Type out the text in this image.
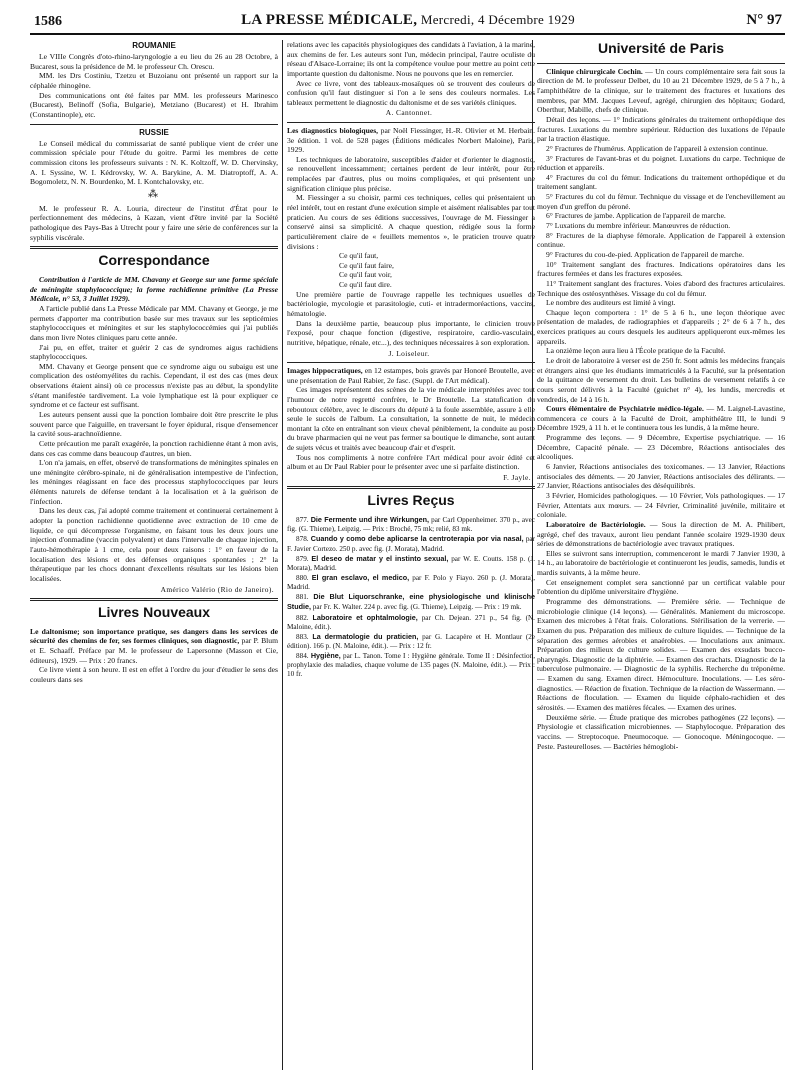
1586	LA PRESSE MÉDICALE, Mercredi, 4 Décembre 1929	N° 97
ROUMANIE

Le VIIIe Congrès d'oto-rhino-laryngologie a eu lieu du 26 au 28 Octobre, à Bucarest, sous la présidence de M. le professeur Ch. Orescu.

MM. les Drs Costiniu, Tzetzu et Buzoianu ont présenté un rapport sur la céphalée rhinogène.

Des communications ont été faites par MM. les professeurs Marinesco (Bucarest), Belinoff (Sofia, Bulgarie), Metziano (Bucarest) et H. Ibrahim (Constantinople), etc.

RUSSIE

Le Conseil médical du commissariat de santé publique vient de créer une commission spéciale pour l'étude du goitre. Parmi les membres de cette commission citons les professeurs suivants : N. K. Koltzoff, W. D. Chervinsky, A. I. Syssine, W. I. Kédrovsky, W. A. Barykine, A. M. Diatroptoff, A. A. Bogomoletz, N. N. Bourdenko, M. I. Kontchalovsky, etc.

⁂

M. le professeur R. A. Louria, directeur de l'institut d'État pour le perfectionnement des médecins, à Kazan, vient d'être invité par la Société pathologique des Pays-Bas à Utrecht pour y faire une série de conférences sur la syphilis viscérale.

Correspondance

Contribution à l'article de MM. Chavany et George sur une forme spéciale de méningite staphylococcique; la forme rachidienne primitive (La Presse Médicale, n° 53, 3 Juillet 1929).

A l'article publié dans La Presse Médicale par MM. Chavany et George, je me permets d'apporter ma contribution basée sur mes travaux sur les septicémies staphylococciques et méningites et sur les staphylococcémies qui j'ai publiés dans mon livre Notes cliniques paru cette année.

J'ai pu, en effet, traiter et guérir 2 cas de syndromes aigus rachidiens staphylococciques.

MM. Chavany et George pensent que ce syndrome aigu ou subaigu est une complication des ostéomyélites du rachis. Cependant, il est des cas (mes deux observations étaient ainsi) où ce processus n'existe pas au début, la spondylite s'étant manifestée tardivement. La voie lymphatique est là pour expliquer ce syndrome et ce facteur est suffisant.

Les auteurs pensent aussi que la ponction lombaire doit être prescrite le plus souvent parce que l'aiguille, en traversant le foyer épidural, risque d'ensemencer la cavité sous-arachnoïdienne.

Cette précaution me paraît exagérée, la ponction rachidienne étant à mon avis, dans ces cas comme dans beaucoup d'autres, un bien.

L'on n'a jamais, en effet, observé de transformations de méningites spinales en une méningite cérébro-spinale, ni de généralisation intempestive de l'infection, les méninges réagissant en face des processus staphylococciques par leurs éléments naturels de défense tendant à la localisation et à la guérison de l'infection.

Dans les deux cas, j'ai adopté comme traitement et continuerai certainement à adopter la ponction rachidienne quotidienne avec extraction de 10 cme de liquide, ce qui décompresse l'organisme, en faisant tous les deux jours une injection d'onmadine (vaccin polyvalent) et dans l'intervalle de chaque injection, l'auto-hémothérapie à 1 cme, cela pour deux raisons : 1° en faveur de la localisation des lésions et des défenses organiques spontanées ; 2° la thérapeutique par les chocs donnant d'excellents résultats sur les lésions bien localisées.

Américo Valério (Rio de Janeiro).
Livres Nouveaux

Le daltonisme; son importance pratique, ses dangers dans les services de sécurité des chemins de fer, ses formes cliniques, son diagnostic, par P. Blum et E. Schaaff. Préface par M. le professeur de Lapersonne (Masson et Cie, éditeurs), 1929. — Prix : 20 francs.

Ce livre vient à son heure. Il est en effet à l'ordre du jour d'étudier le sens des couleurs dans ses

relations avec les capacités physiologiques des candidats à l'aviation, à la marine, aux chemins de fer. Les auteurs sont l'un, médecin principal, l'autre oculiste du réseau d'Alsace-Lorraine; ils ont la compétence voulue pour mettre au point cette importante question du daltonisme. Nous ne pouvons que les en remercier.

Avec ce livre, vont des tableaux-mosaïques où se trouvent des couleurs de confusion qu'il faut distinguer si l'on a le sens des couleurs normales. Les tableaux permettent le diagnostic du daltonisme et de ses variétés cliniques.

A. Cantonnet.

Les diagnostics biologiques, par Noël Fiessinger, H.-R. Olivier et M. Herbain. 3e édition. 1 vol. de 528 pages (Éditions médicales Norbert Maloine), Paris, 1929.

Les techniques de laboratoire, susceptibles d'aider et d'orienter le diagnostic, se renouvellent incessamment; certaines perdent de leur intérêt, pour être remplacées par d'autres, plus ou moins compliquées, et qui présentent une signification clinique plus précise.

M. Fiessinger a su choisir, parmi ces techniques, celles qui présentaient un réel intérêt, tout en restant d'une exécution simple et aisément réalisables par tout praticien. Au cours de ses éditions successives, l'ouvrage de M. Fiessinger a conservé ainsi sa simplicité. A chaque question, rédigée sous la forme particulièrement claire de « feuillets mementos », le praticien trouve quatre divisions :

Ce qu'il faut,
Ce qu'il faut faire,
Ce qu'il faut voir,
Ce qu'il faut dire.

Une première partie de l'ouvrage rappelle les techniques usuelles de bactériologie, mycologie et parasitologie, cuti- et intradermoréactions, vaccins, hématologie.

Dans la deuxième partie, beaucoup plus importante, le clinicien trouve l'exposé, pour chaque fonction (digestive, respiratoire, cardio-vasculaire, nutritive, hépatique, rénale, etc...), des techniques nécessaires à son exploration.

J. Loiseleur.

Images hippocratiques, en 12 estampes, bois gravés par Honoré Broutelle, avec une présentation de Paul Rabier, 2e fasc. (Suppl. de l'Art médical).

Ces images représentent des scènes de la vie médicale interprétées avec tout l'humour de notre regretté confrère, le Dr Broutelle. La statufication du reboutoux célèbre, avec le discours du député à la foule assemblée, assure à elle seule le succès de l'album. La consultation, la sonnette de nuit, le médecin montant la côte en entraînant son vieux cheval péniblement, la conduite au poste du brave pharmacien qui ne veut pas fermer sa boutique le dimanche, sont autant de sujets vécus et traités avec beaucoup d'air et d'esprit.

Tous nos compliments à notre confrère l'Art médical pour avoir édité cet album et au Dr Paul Rabier pour le présenter avec une si parfaite distinction.

F. Jayle.
Livres Reçus

877. Die Fermente und ihre Wirkungen, par Carl Oppenheimer. 370 p., avec fig. (G. Thieme), Leipzig. — Prix : Broché, 75 mk; relié, 83 mk.

878. Cuando y como debe aplicarse la centroterapia por via nasal, par F. Javier Cortezo. 250 p. avec fig. (J. Morata), Madrid.

879. El deseo de matar y el instinto sexual, par W. E. Coutts. 158 p. (J. Morata), Madrid.

880. El gran esclavo, el medico, par F. Polo y Fiayo. 260 p. (J. Morata), Madrid.

881. Die Blut Liquorschranke, eine physiologische und klinische Studie, par Fr. K. Walter. 224 p. avec fig. (G. Thieme), Leipzig. — Prix : 19 mk.

882. Laboratoire et ophtalmologie, par Ch. Dejean. 271 p., 54 fig. (N. Maloine, édit.).

883. La dermatologie du praticien, par G. Lacapère et H. Montlaur (2e édition). 166 p. (N. Maloine, édit.). — Prix : 12 fr.

884. Hygiène, par L. Tanon. Tome I : Hygiène générale. Tome II : Désinfection, prophylaxie des maladies, chaque volume de 135 pages (N. Maloine, édit.). — Prix : 10 fr.

Université de Paris

Clinique chirurgicale Cochin. — Un cours complémentaire sera fait sous la direction de M. le professeur Delbet, du 10 au 21 Décembre 1929, de 5 à 7 h., à l'amphithéâtre de la clinique, sur le traitement des fractures et luxations des membres, par MM. Jacques Leveuf, agrégé, chirurgien des hôpitaux; Godard, Oberthur, Mabille, chefs de clinique.

Détail des leçons. — 1° Indications générales du traitement orthopédique des fractures. Luxations du membre supérieur. Réduction des luxations de l'épaule par la traction élastique.

2° Fractures de l'humérus. Application de l'appareil à extension continue.

3° Fractures de l'avant-bras et du poignet. Luxations du carpe. Technique de réduction et appareils.

4° Fractures du col du fémur. Indications du traitement orthopédique et du traitement sanglant.

5° Fractures du col du fémur. Technique du vissage et de l'enchevillement au moyen d'un greffon du péroné.

6° Fractures de jambe. Application de l'appareil de marche.

7° Luxations du membre inférieur. Manœuvres de réduction.

8° Fractures de la diaphyse fémorale. Application de l'appareil à extension continue.

9° Fractures du cou-de-pied. Application de l'appareil de marche.

10° Traitement sanglant des fractures. Indications opératoires dans les fractures fermées et dans les fractures exposées.

11° Traitement sanglant des fractures. Voies d'abord des fractures articulaires. Technique des ostéosynthèses. Vissage du col du fémur.

Le nombre des auditeurs est limité à vingt.

Chaque leçon comportera : 1° de 5 à 6 h., une leçon théorique avec présentation de malades, de radiographies et d'appareils ; 2° de 6 à 7 h., des exercices pratiques au cours desquels les auditeurs appliqueront eux-mêmes les appareils.

La onzième leçon aura lieu à l'École pratique de la Faculté.

Le droit de laboratoire à verser est de 250 fr. Sont admis les médecins français et étrangers ainsi que les étudiants immatriculés à la Faculté, sur la présentation de la quittance de versement du droit. Les bulletins de versement relatifs à ce cours seront délivrés à la Faculté (guichet n° 4), les lundis, mercredis et vendredis, de 14 à 16 h.

Cours élémentaire de Psychiatrie médico-légale. — M. Laignel-Lavastine, commencera ce cours à la Faculté de Droit, amphithéâtre III, le lundi 9 Décembre 1929, à 11 h. et le continuera tous les lundis, à la même heure.

Programme des leçons. — 9 Décembre, Expertise psychiatrique. — 16 Décembre, Capacité pénale. — 23 Décembre, Réactions antisociales des alcooliques.

6 Janvier, Réactions antisociales des toxicomanes. — 13 Janvier, Réactions antisociales des déments. — 20 Janvier, Réactions antisociales des délirants. — 27 Janvier, Réactions antisociales des déséquilibrés.

3 Février, Homicides pathologiques. — 10 Février, Vols pathologiques. — 17 Février, Attentats aux mœurs. — 24 Février, Criminalité juvénile, militaire et coloniale.

Laboratoire de Bactériologie. — Sous la direction de M. A. Philibert, agrégé, chef des travaux, auront lieu pendant l'année scolaire 1929-1930 deux séries de démonstrations de bactériologie avec travaux pratiques.

Elles se suivront sans interruption, commenceront le mardi 7 Janvier 1930, à 14 h., au laboratoire de bactériologie et continueront les jeudis, samedis, lundis et mardis suivants, à la même heure.

Cet enseignement complet sera sanctionné par un certificat valable pour l'obtention du diplôme universitaire d'hygiène.

Programme des démonstrations. — Première série. — Technique de microbiologie clinique (14 leçons). — Généralités. Maniement du microscope. Examen des microbes à l'état frais. Colorations. Stérilisation de la verrerie. — Examen du pus. Préparation des milieux de culture liquides. — Technique de la séparation des germes aérobies et anaérobies. — Inoculations aux animaux. Préparation des milieux de culture solides. — Examen des exsudats bucco-pharyngés. Diagnostic de la diphtérie. — Examen des crachats. Diagnostic de la tuberculose pulmonaire. — Diagnostic de la syphilis. Recherche du tréponème. — Examen du sang. Examen direct. Hémoculture. Inoculations. — Les séro-diagnostics. — Réaction de fixation. Technique de la réaction de Wassermann. — Réactions de floculation. — Examen du liquide céphalo-rachidien et des sérosités. — Examen des matières fécales. — Examen des urines.

Deuxième série. — Étude pratique des microbes pathogènes (22 leçons). — Physiologie et classification microbiennes. — Staphylocoque. Préparation des vaccins. — Streptocoque. Pneumocoque. — Gonocoque. Méningocoque. — Peste. Pasteurelloses. — Bactéries hémoglobi-
